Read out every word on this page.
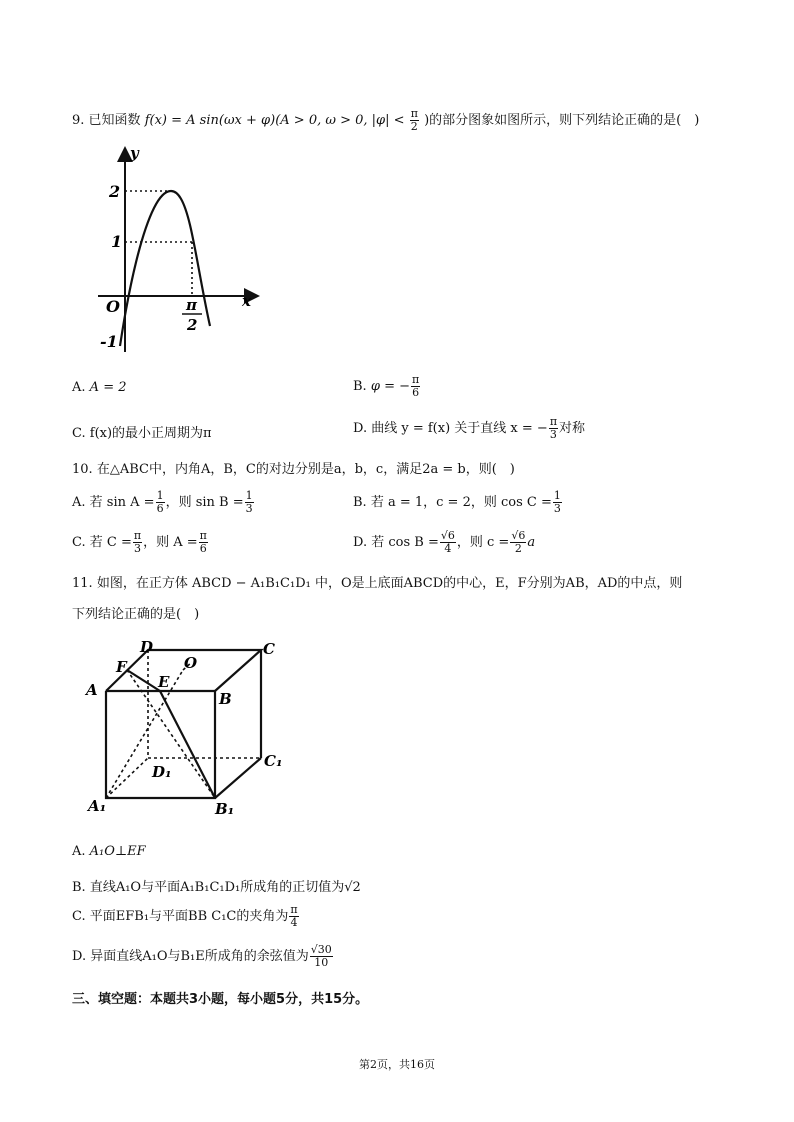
9. 已知函数 f(x) = A sin(ωx + φ)(A > 0, ω > 0, $|\varphi| < \frac{\pi}{2}$ )的部分图象如图所示，则下列结论正确的是(　)
y
x
O
2
1
-1
π
2
A. A = 2	B. φ = − $\frac{\pi}{6}$
C. f(x)的最小正周期为π	D. 曲线 y = f(x) 关于直线 x = − $\frac{\pi}{3}$ 对称
10. 在△ABC中，内角A，B，C的对边分别是a，b，c，满足2a = b，则(　)
A. 若 $\sin A = \frac{1}{6}$ ，则 $\sin B = \frac{1}{3}$	B. 若 a = 1，c = 2，则 $\cos C = \frac{1}{3}$
C. 若 $C = \frac{\pi}{3}$ ，则 $A = \frac{\pi}{6}$	D. 若 $\cos B = \frac{√6}{4}$ ，则 $c = \frac{√6}{2}$ a
11. 如图，在正方体 ABCD − A₁B₁C₁D₁ 中，O是上底面ABCD的中心，E，F分别为AB，AD的中点，则
下列结论正确的是(　)
A	B
C
D
E
F	O
A₁	B₁
C₁
D₁
A. A₁O⊥EF
B. 直线A₁O与平面A₁B₁C₁D₁所成角的正切值为√2
C. 平面EFB₁与平面BB C₁C的夹角为 $\frac{\pi}{4}$
D. 异面直线A₁O与B₁E所成角的余弦值为 $\frac{√30}{10}$
三、填空题：本题共3小题，每小题5分，共15分。
第2页，共16页
